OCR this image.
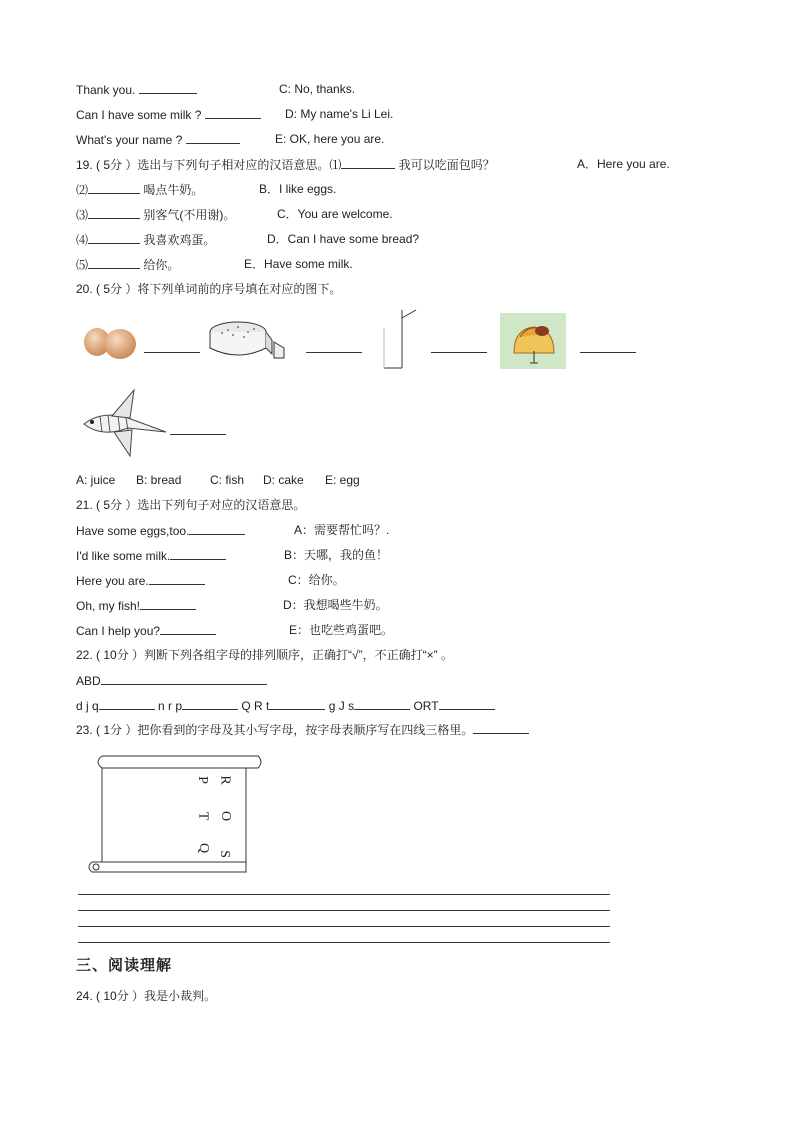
Thank you.	C: No, thanks.
Can I have some milk ?	D: My name's Li Lei.
What's your name ?	E: OK, here you are.
19. ( 5分 ）选出与下列句子相对应的汉语意思。⑴	我可以吃面包吗？	A．Here you are.
⑵	喝点牛奶。	B．I like eggs.
⑶	别客气(不用谢)。	C．You are welcome.
⑷	我喜欢鸡蛋。	D．Can I have some bread?
⑸	给你。	E．Have some milk.
20. ( 5分 ）将下列单词前的序号填在对应的图下。
A: juice B: bread C: fish D: cake E: egg
21. ( 5分 ）选出下列句子对应的汉语意思。
Have some eggs,too.	A：需要帮忙吗？.
I'd like some milk.	B：天哪，我的鱼！
Here you are.	C：给你。
Oh, my fish!	D：我想喝些牛奶。
Can I help you?	E：也吃些鸡蛋吧。
22. ( 10分 ）判断下列各组字母的排列顺序，正确打“√”，不正确打“×” 。
ABD
d j q	n r p	Q R t	g J s	ORT
23. ( 1分 ）把你看到的字母及其小写字母，按字母表顺序写在四线三格里。
R
O
S
P
T
Q
三、阅读理解
24. ( 10分 ）我是小裁判。
